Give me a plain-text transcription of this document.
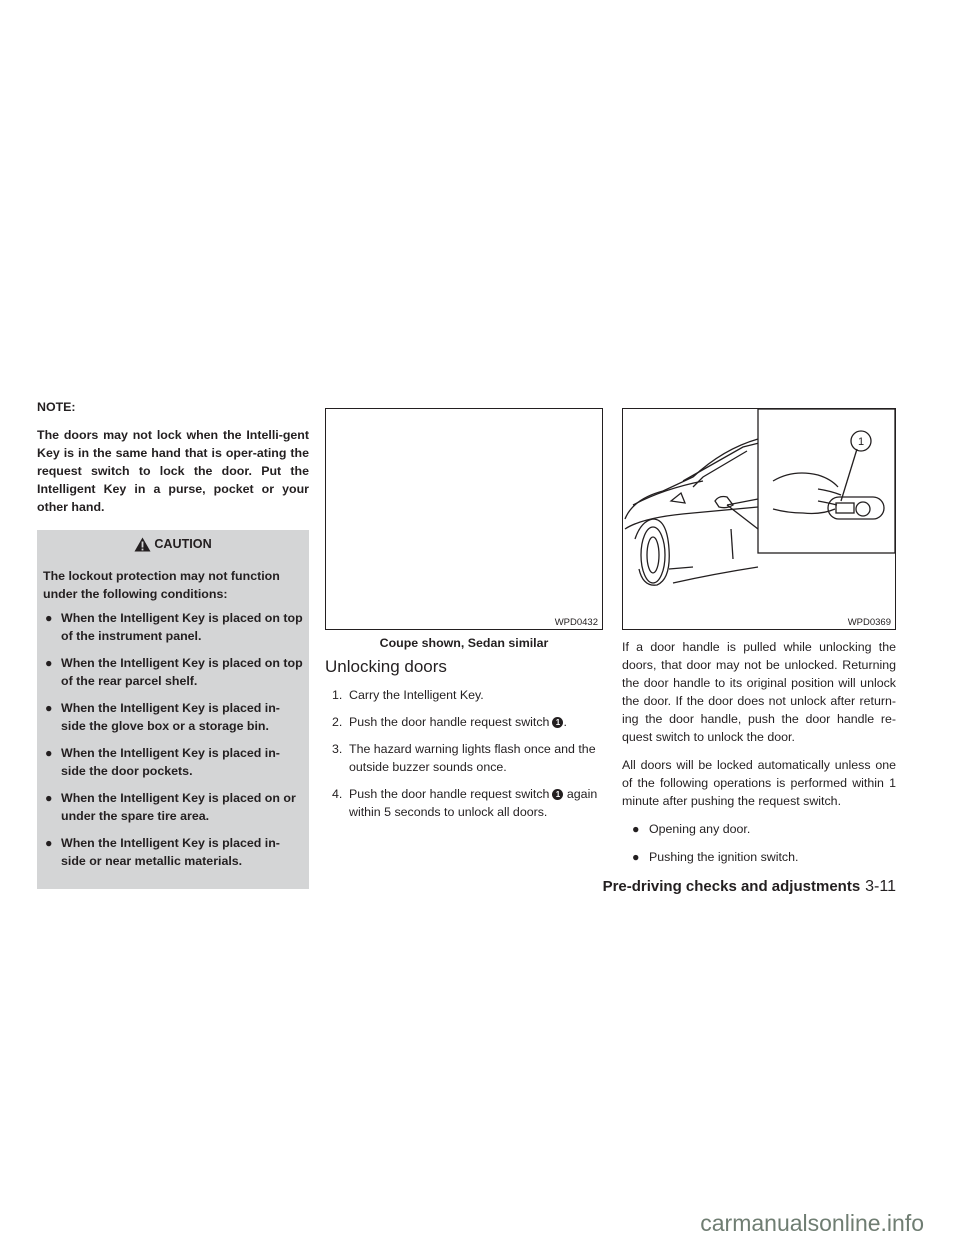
NOTE:

The doors may not lock when the Intelli-gent Key is in the same hand that is oper-ating the request switch to lock the door. Put the Intelligent Key in a purse, pocket or your other hand.

CAUTION

The lockout protection may not function under the following conditions:

● When the Intelligent Key is placed on top of the instrument panel.
● When the Intelligent Key is placed on top of the rear parcel shelf.
● When the Intelligent Key is placed in-side the glove box or a storage bin.
● When the Intelligent Key is placed in-side the door pockets.
● When the Intelligent Key is placed on or under the spare tire area.
● When the Intelligent Key is placed in-side or near metallic materials.
WPD0432

Coupe shown, Sedan similar

Unlocking doors
1. Carry the Intelligent Key.
2. Push the door handle request switch 1 .
3. The hazard warning lights flash once and the outside buzzer sounds once.
4. Push the door handle request switch 1 again within 5 seconds to unlock all doors.
1
WPD0369

If a door handle is pulled while unlocking the doors, that door may not be unlocked. Returning the door handle to its original position will unlock the door. If the door does not unlock after return-ing the door handle, push the door handle re-quest switch to unlock the door.

All doors will be locked automatically unless one of the following operations is performed within 1 minute after pushing the request switch.

● Opening any door.
● Pushing the ignition switch.
Pre-driving checks and adjustments 3-11
carmanualsonline.info
